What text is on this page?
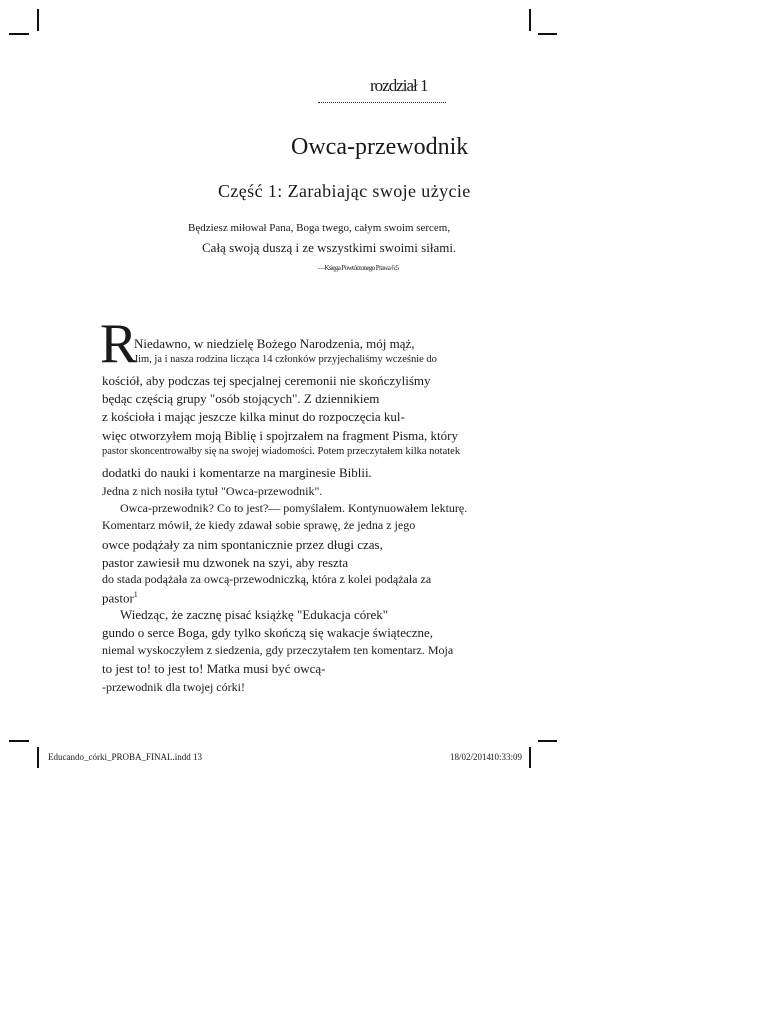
rozdział 1
Owca-przewodnik
Część 1: Zarabiając swoje użycie
Będziesz miłował Pana, Boga twego, całym swoim sercem,
Całą swoją duszą i ze wszystkimi swoimi siłami.
—Księga Powtórzonego Prawa 6:5
R
Niedawno, w niedzielę Bożego Narodzenia, mój mąż,
Jim, ja i nasza rodzina licząca 14 członków przyjechaliśmy wcześnie do
kościół, aby podczas tej specjalnej ceremonii nie skończyliśmy
będąc częścią grupy "osób stojących". Z dziennikiem
z kościoła i mając jeszcze kilka minut do rozpoczęcia kul-
więc otworzyłem moją Biblię i spojrzałem na fragment Pisma, który
pastor skoncentrowałby się na swojej wiadomości. Potem przeczytałem kilka notatek
dodatki do nauki i komentarze na marginesie Biblii.
Jedna z nich nosiła tytuł "Owca-przewodnik".
Owca-przewodnik? Co to jest?— pomyślałem. Kontynuowałem lekturę.
Komentarz mówił, że kiedy zdawał sobie sprawę, że jedna z jego
owce podążały za nim spontanicznie przez długi czas,
pastor zawiesił mu dzwonek na szyi, aby reszta
do stada podążała za owcą-przewodniczką, która z kolei podążała za
pastor$^1$
Wiedząc, że zacznę pisać książkę "Edukacja córek"
gundo o serce Boga, gdy tylko skończą się wakacje świąteczne,
niemal wyskoczyłem z siedzenia, gdy przeczytałem ten komentarz. Moja
to jest to! to jest to! Matka musi być owcą-
-przewodnik dla twojej córki!
Educando_córki_PROBA_FINAL.indd 13	18/02/2014
10:33:09
